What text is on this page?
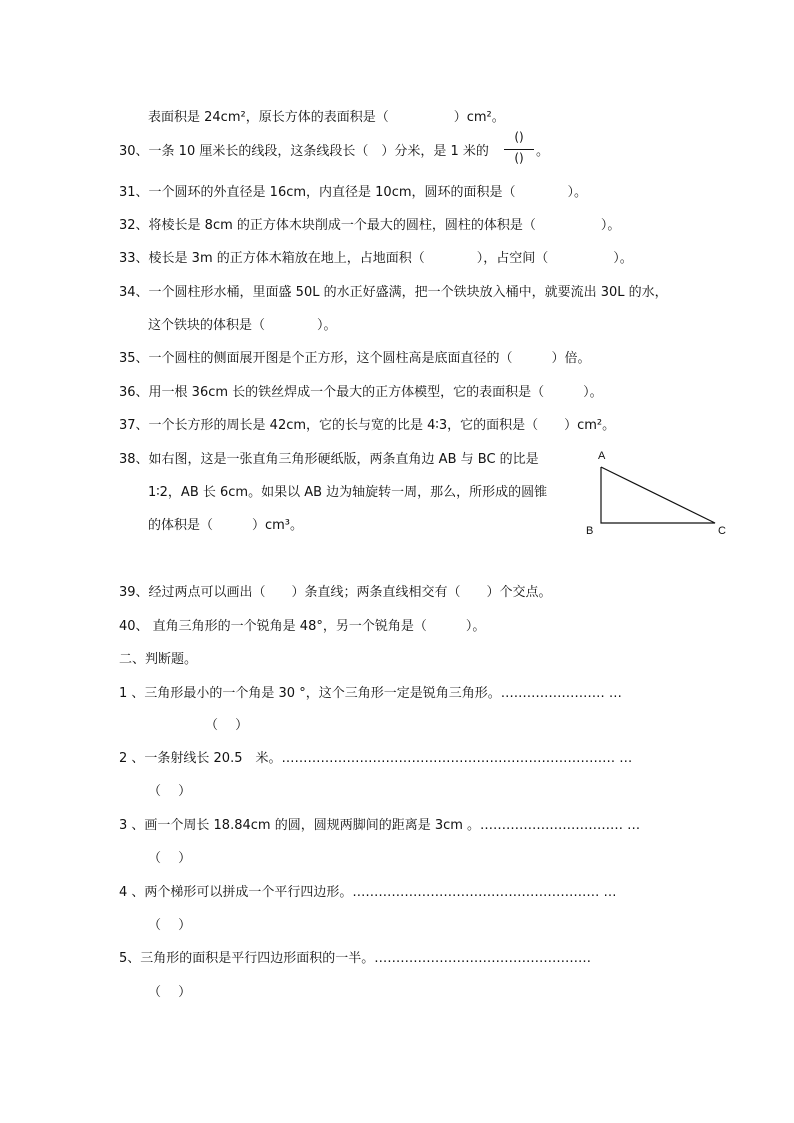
表面积是 24cm²，原长方体的表面积是（　　　　　）cm²。
30、一条 10 厘米长的线段，这条线段长（　）分米，是 1 米的
()
() 。
31、一个圆环的外直径是 16cm，内直径是 10cm，圆环的面积是（　　　　）。
32、将棱长是 8cm 的正方体木块削成一个最大的圆柱，圆柱的体积是（　　　　　）。
33、棱长是 3m 的正方体木箱放在地上，占地面积（　　　　），占空间（　　　　　）。
34、一个圆柱形水桶，里面盛 50L 的水正好盛满，把一个铁块放入桶中，就要流出 30L 的水，
这个铁块的体积是（　　　　）。
35、一个圆柱的侧面展开图是个正方形，这个圆柱高是底面直径的（　　　）倍。
36、用一根 36cm 长的铁丝焊成一个最大的正方体模型，它的表面积是（　　　）。
37、一个长方形的周长是 42cm，它的长与宽的比是 4∶3，它的面积是（　　）cm²。
38、如右图，这是一张直角三角形硬纸版，两条直角边 AB 与 BC 的比是
1∶2，AB 长 6cm。如果以 AB 边为轴旋转一周，那么，所形成的圆锥
的体积是（　　　）cm³。
A
B	C
39、经过两点可以画出（　　）条直线；两条直线相交有（　　）个交点。
40、 直角三角形的一个锐角是 48°，另一个锐角是（　　　）。
二、判断题。
1 、三角形最小的一个角是 30 °，这个三角形一定是锐角三角形。…………………… …
（　 ）
2 、一条射线长 20.5　米。…………………………………………………‥……………… …
（　 ）
3 、画一个周长 18.84cm 的圆，圆规两脚间的距离是 3cm 。…………………………… …
（　 ）
4 、两个梯形可以拼成一个平行四边形。………………………………………………… …
（　 ）
5、三角形的面积是平行四边形面积的一半。…………………………‥………………
（　 ）
